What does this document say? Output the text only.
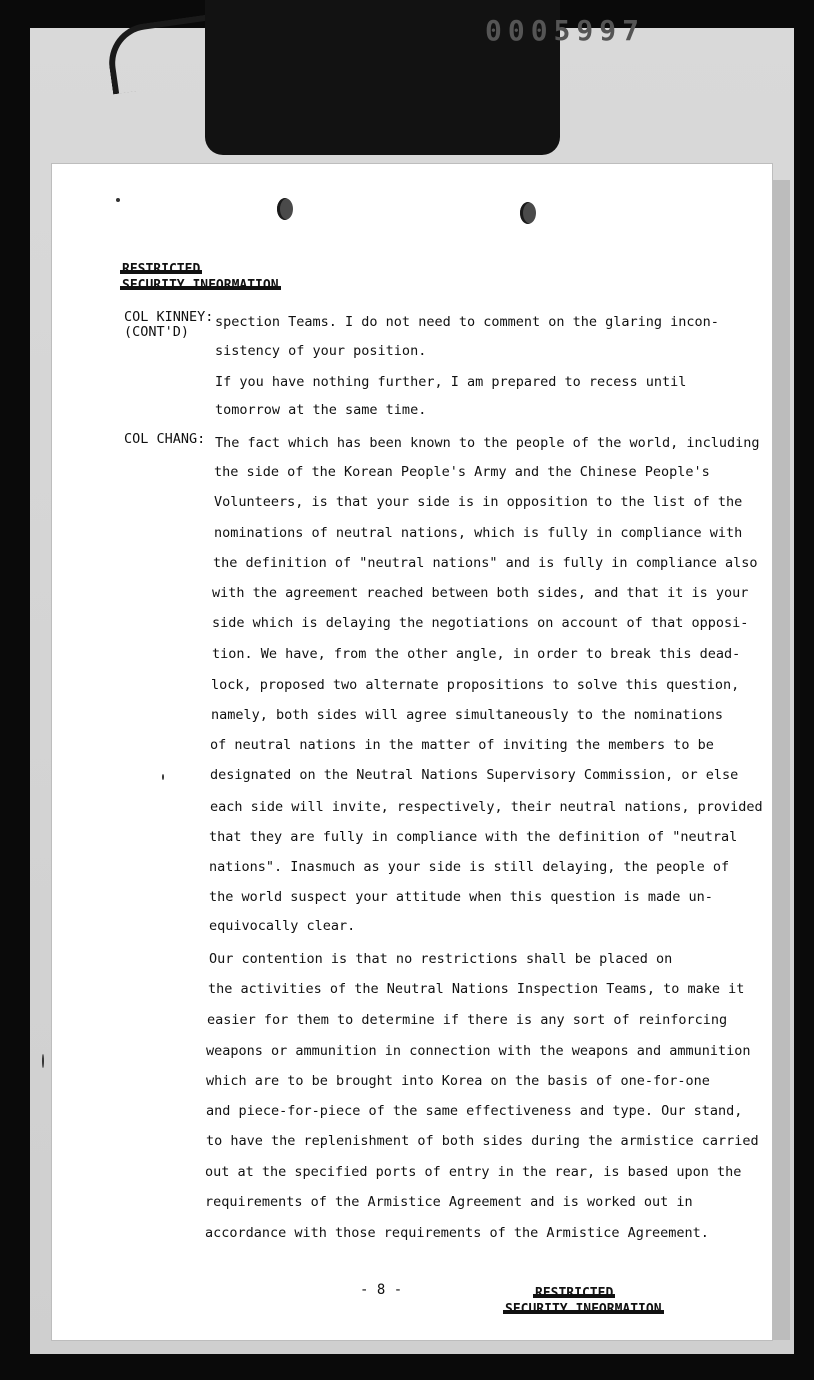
0005997
RESTRICTED
SECURITY INFORMATION
COL KINNEY:
(CONT'D)
COL CHANG:
spection Teams. I do not need to comment on the glaring incon-
sistency of your position.
If you have nothing further, I am prepared to recess until
tomorrow at the same time.
The fact which has been known to the people of the world, including
the side of the Korean People's Army and the Chinese People's
Volunteers, is that your side is in opposition to the list of the
nominations of neutral nations, which is fully in compliance with
the definition of "neutral nations" and is fully in compliance also
with the agreement reached between both sides, and that it is your
side which is delaying the negotiations on account of that opposi-
tion. We have, from the other angle, in order to break this dead-
lock, proposed two alternate propositions to solve this question,
namely, both sides will agree simultaneously to the nominations
of neutral nations in the matter of inviting the members to be
designated on the Neutral Nations Supervisory Commission, or else
each side will invite, respectively, their neutral nations, provided
that they are fully in compliance with the definition of "neutral
nations". Inasmuch as your side is still delaying, the people of
the world suspect your attitude when this question is made un-
equivocally clear.
Our contention is that no restrictions shall be placed on
the activities of the Neutral Nations Inspection Teams, to make it
easier for them to determine if there is any sort of reinforcing
weapons or ammunition in connection with the weapons and ammunition
which are to be brought into Korea on the basis of one-for-one
and piece-for-piece of the same effectiveness and type. Our stand,
to have the replenishment of both sides during the armistice carried
out at the specified ports of entry in the rear, is based upon the
requirements of the Armistice Agreement and is worked out in
accordance with those requirements of the Armistice Agreement.
- 8 -	RESTRICTED
SECURITY INFORMATION
